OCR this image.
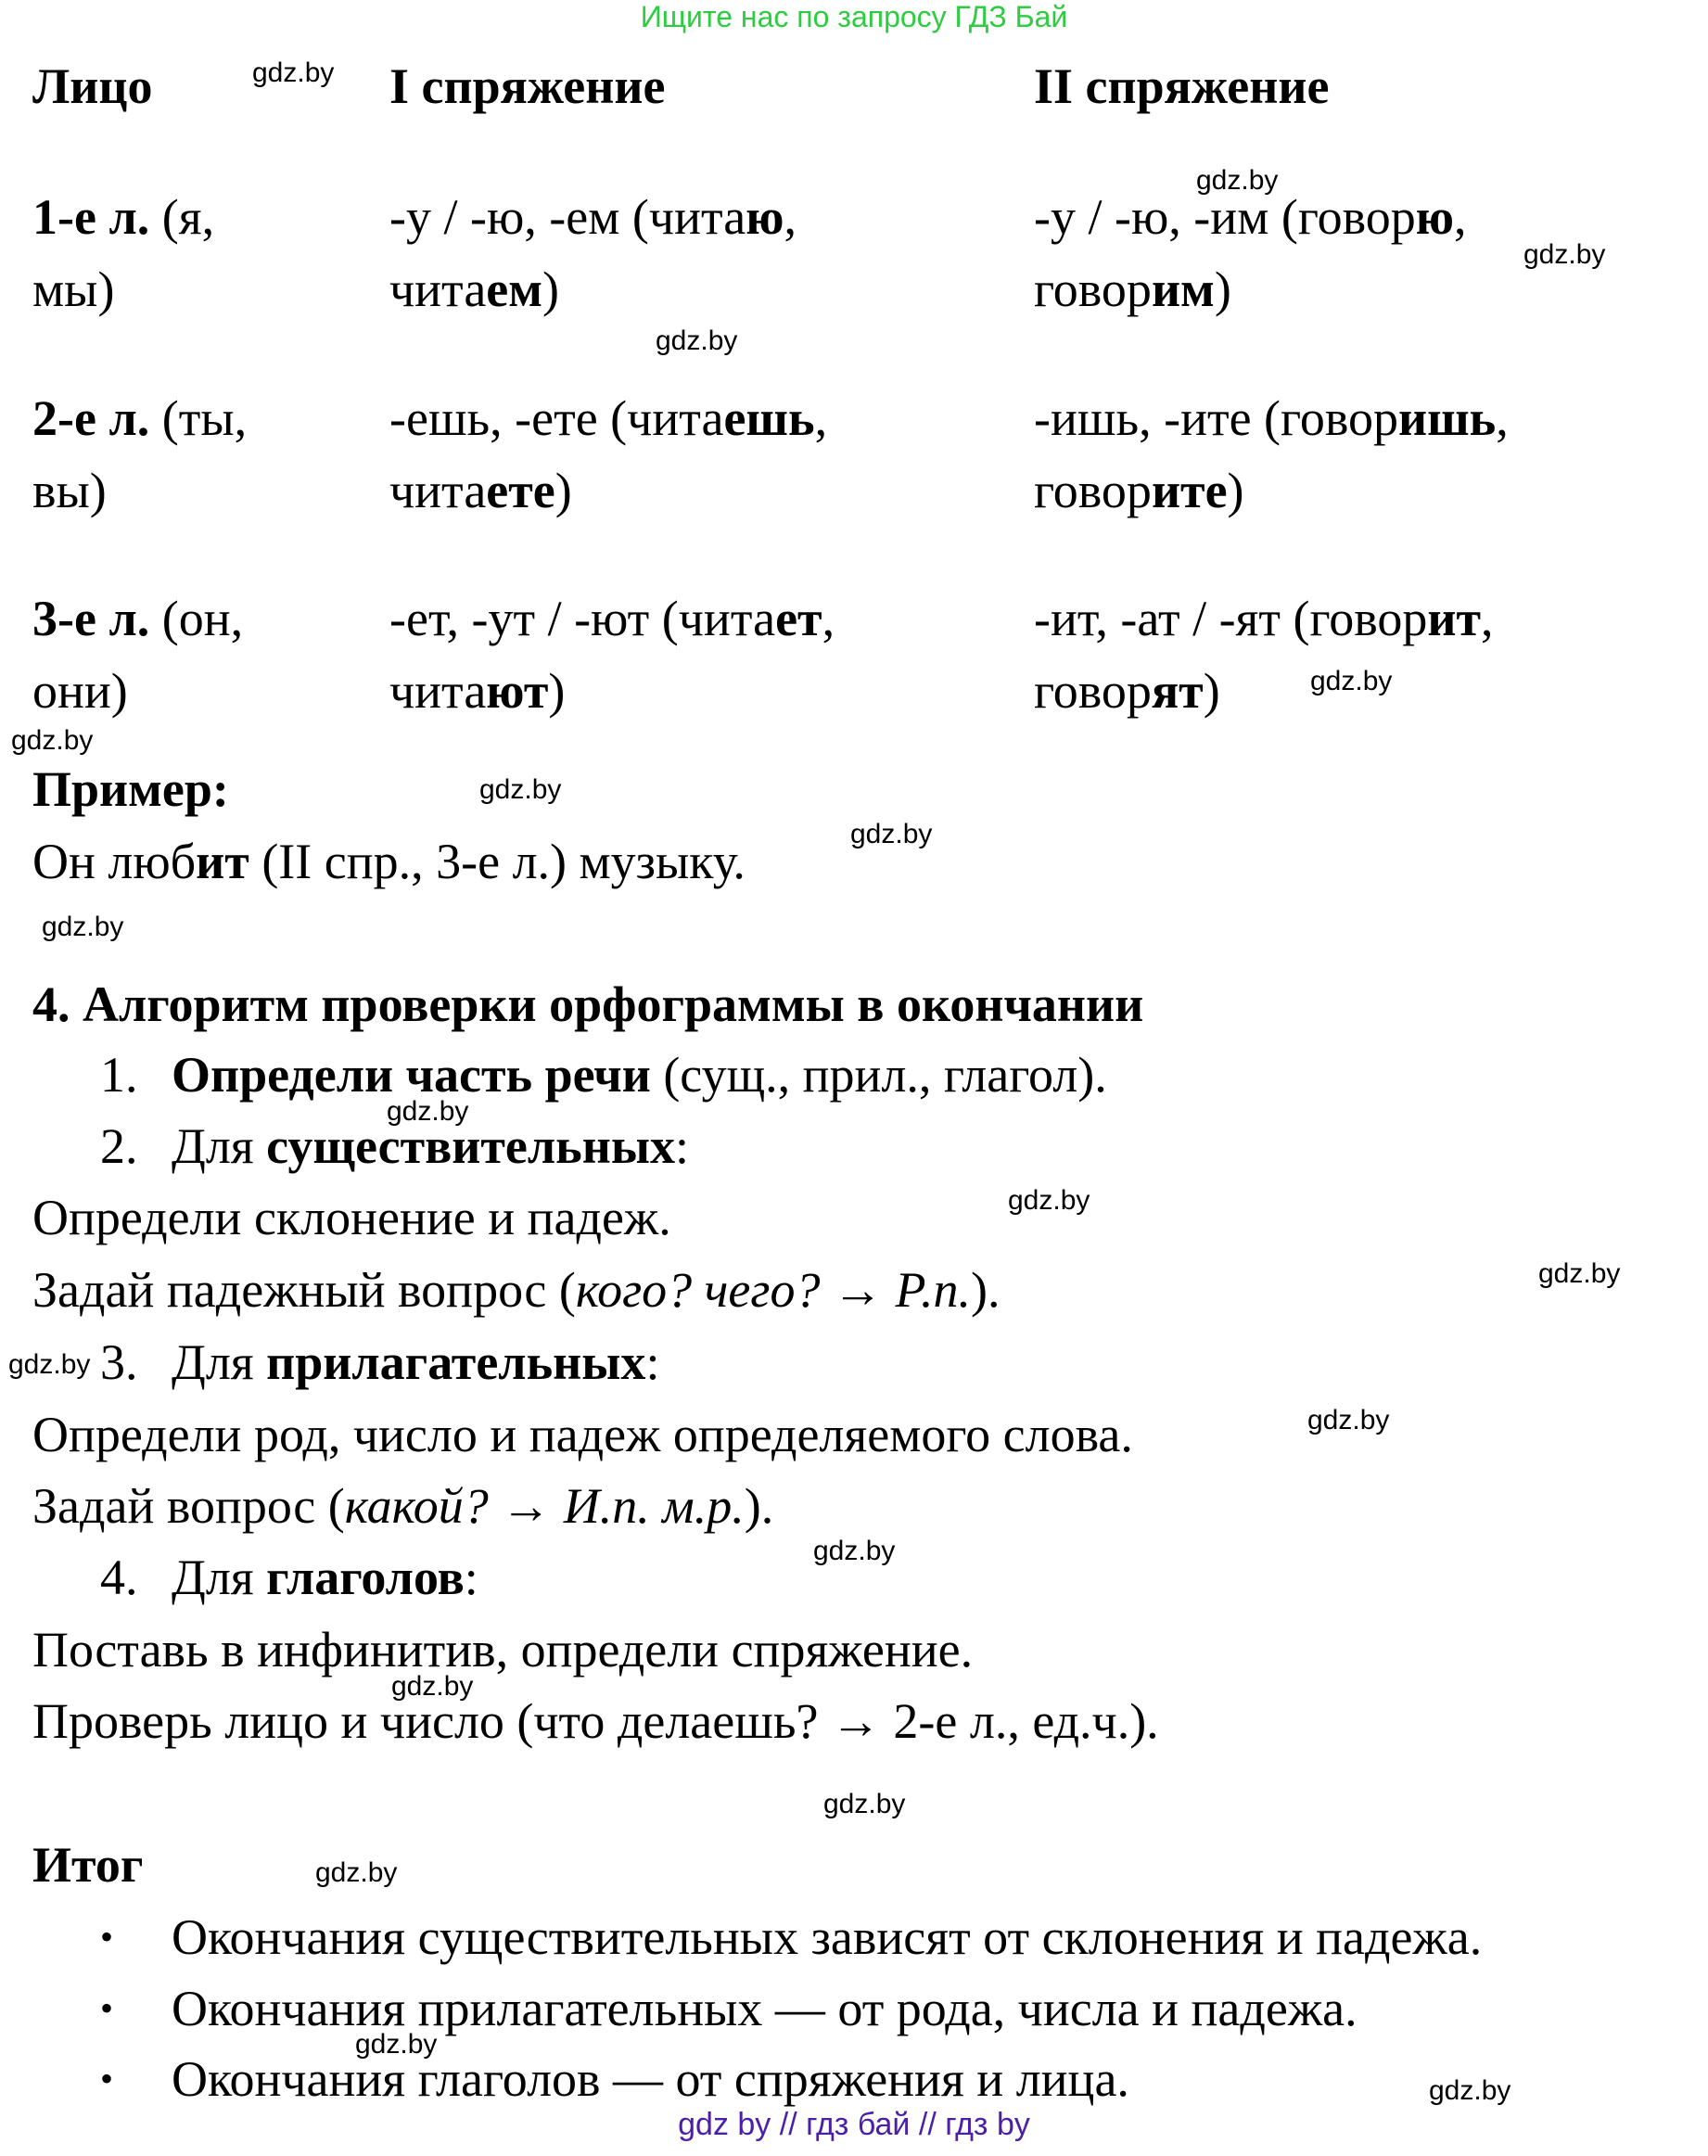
Ищите нас по запросу ГДЗ Бай
gdz by // гдз бай // гдз by
Лицо	I спряжение	II спряжение
1-е л. (я,
мы)
-у / -ю, -ем (читаю,
читаем)
-у / -ю, -им (говорю,
говорим)
2-е л. (ты,
вы)
-ешь, -ете (читаешь,
читаете)
-ишь, -ите (говоришь,
говорите)
3-е л. (он,
они)
-ет, -ут / -ют (читает,
читают)
-ит, -ат / -ят (говорит,
говорят)
Пример:
Он любит (II спр., 3-е л.) музыку.
4. Алгоритм проверки орфограммы в окончании
1. Определи часть речи (сущ., прил., глагол).
2. Для существительных:
Определи склонение и падеж.
Задай падежный вопрос (кого? чего? → Р.п.).
3. Для прилагательных:
Определи род, число и падеж определяемого слова.
Задай вопрос (какой? → И.п. м.р.).
4. Для глаголов:
Поставь в инфинитив, определи спряжение.
Проверь лицо и число (что делаешь? → 2-е л., ед.ч.).
Итог
• Окончания существительных зависят от склонения и падежа.
• Окончания прилагательных — от рода, числа и падежа.
• Окончания глаголов — от спряжения и лица.
gdz.by
gdz.by
gdz.by
gdz.by
gdz.by
gdz.by
gdz.by
gdz.by
gdz.by
gdz.by
gdz.by
gdz.by
gdz.by
gdz.by
gdz.by
gdz.by
gdz.by
gdz.by
gdz.by
gdz.by
